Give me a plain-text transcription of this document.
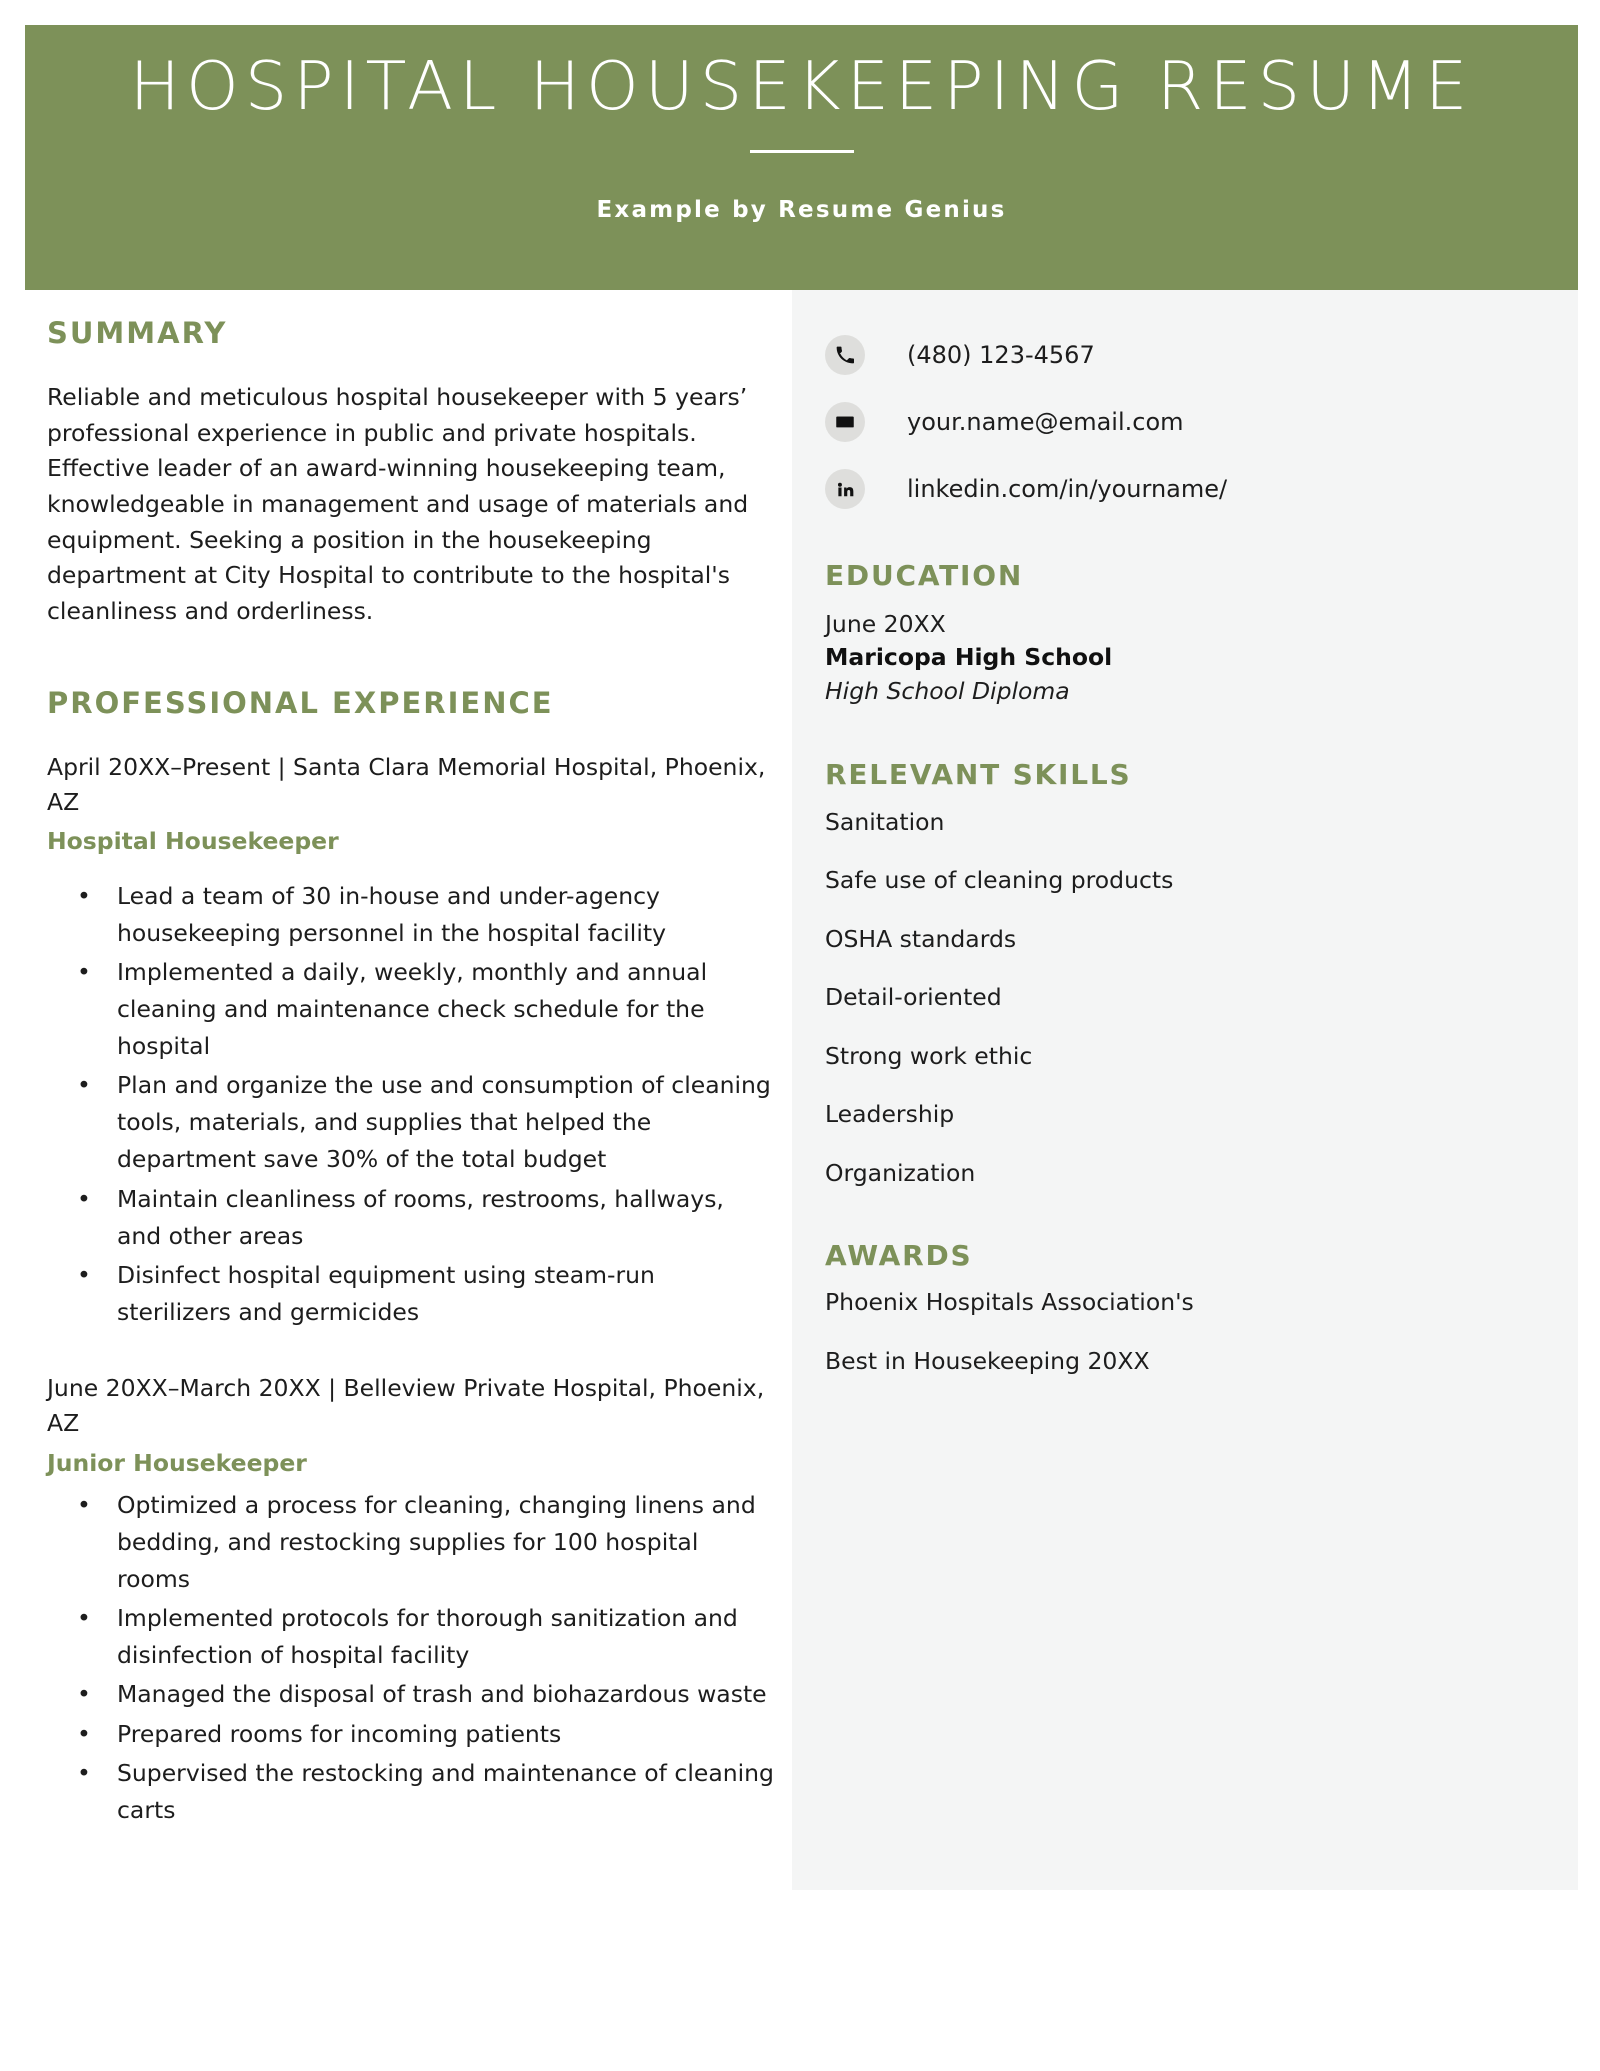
HOSPITAL HOUSEKEEPING RESUME
Example by Resume Genius
(480) 123-4567
your.name@email.com
linkedin.com/in/yourname/
EDUCATION

June 20XX

Maricopa High School

High School Diploma

RELEVANT SKILLS
Sanitation
Safe use of cleaning products
OSHA standards
Detail-oriented
Strong work ethic
Leadership
Organization
AWARDS

Phoenix Hospitals Association's

Best in Housekeeping 20XX

SUMMARY

Reliable and meticulous hospital housekeeper with 5 years’ professional experience in public and private hospitals. Effective leader of an award-winning housekeeping team, knowledgeable in management and usage of materials and equipment. Seeking a position in the housekeeping department at City Hospital to contribute to the hospital's cleanliness and orderliness.

PROFESSIONAL EXPERIENCE

April 20XX–Present | Santa Clara Memorial Hospital, Phoenix, AZ

Hospital Housekeeper

• Lead a team of 30 in-house and under-agency housekeeping personnel in the hospital facility
• Implemented a daily, weekly, monthly and annual cleaning and maintenance check schedule for the hospital
• Plan and organize the use and consumption of cleaning tools, materials, and supplies that helped the department save 30% of the total budget
• Maintain cleanliness of rooms, restrooms, hallways, and other areas
• Disinfect hospital equipment using steam-run sterilizers and germicides

June 20XX–March 20XX | Belleview Private Hospital, Phoenix, AZ

Junior Housekeeper

• Optimized a process for cleaning, changing linens and bedding, and restocking supplies for 100 hospital rooms
• Implemented protocols for thorough sanitization and disinfection of hospital facility
• Managed the disposal of trash and biohazardous waste
• Prepared rooms for incoming patients
• Supervised the restocking and maintenance of cleaning carts
